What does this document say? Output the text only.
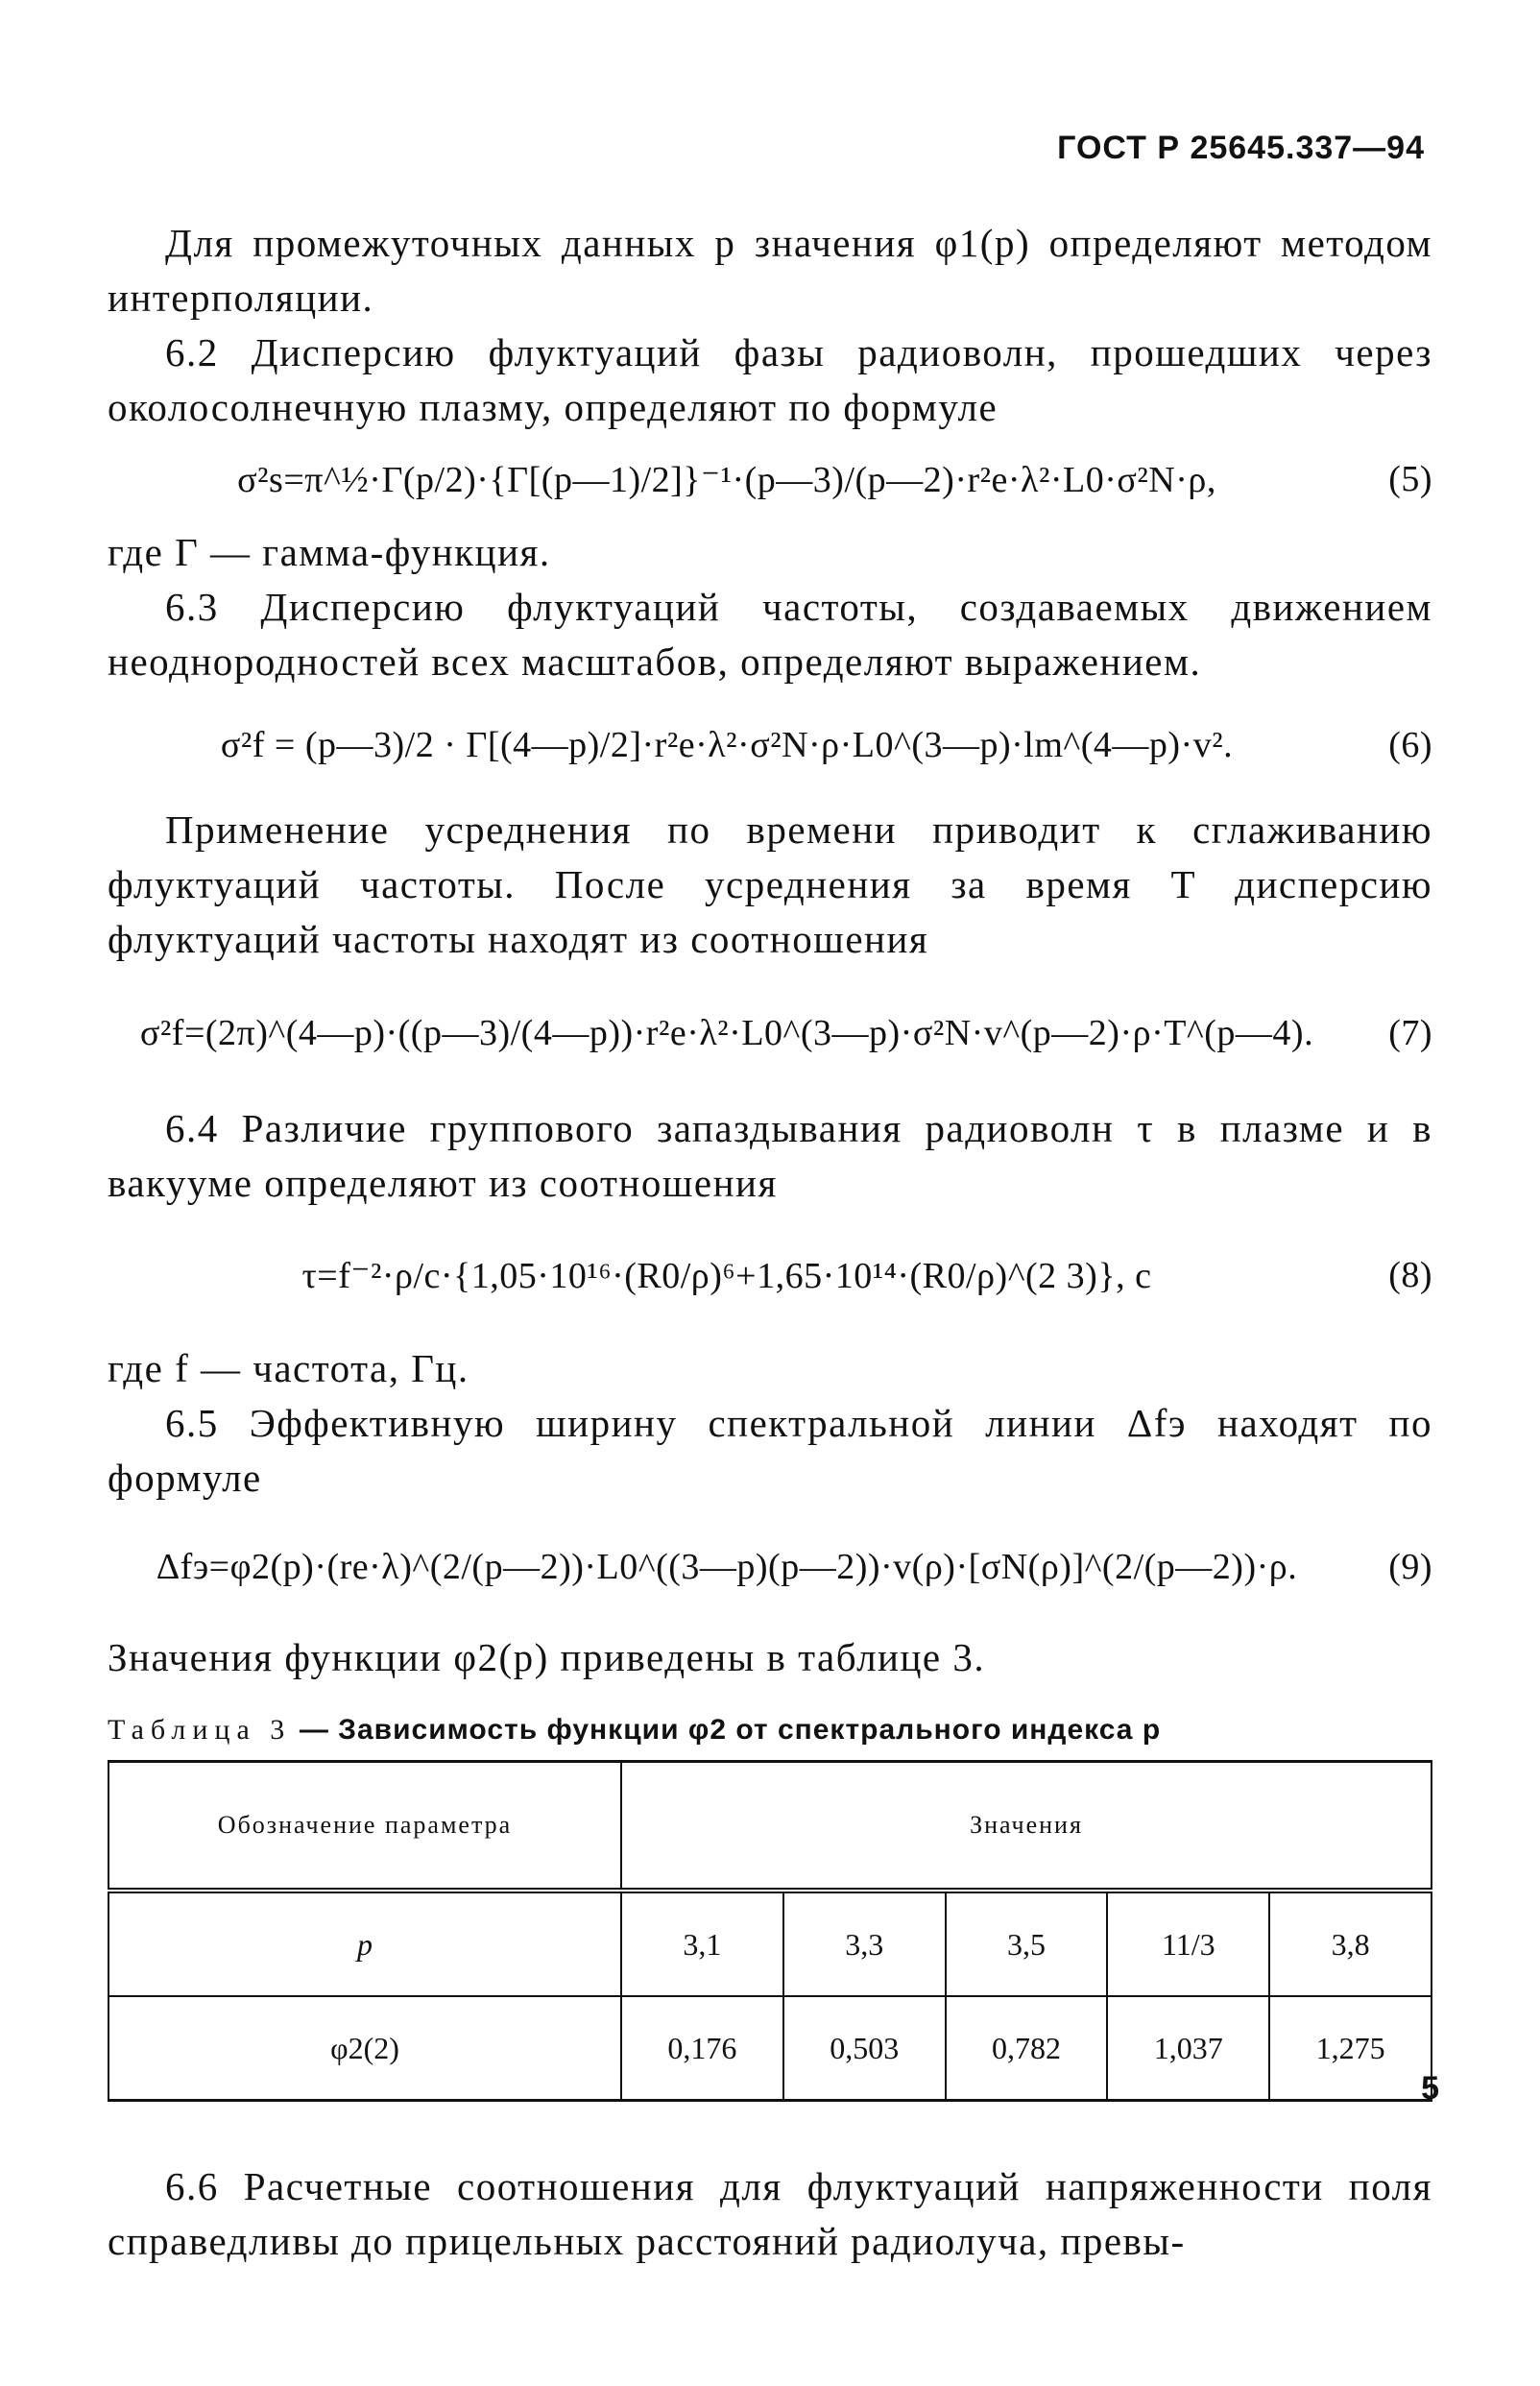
ГОСТ Р 25645.337—94

Для промежуточных данных p значения φ1(p) определяют методом интерполяции.

6.2 Дисперсию флуктуаций фазы радиоволн, прошедших через околосолнечную плазму, определяют по формуле

σ²s=π^½·Γ(p/2)·{Γ[(p—1)/2]}⁻¹·(p—3)/(p—2)·r²e·λ²·L0·σ²N·ρ,	(5)

где Γ — гамма-функция.

6.3 Дисперсию флуктуаций частоты, создаваемых движением неоднородностей всех масштабов, определяют выражением.

σ²f = (p—3)/2 · Γ[(4—p)/2]·r²e·λ²·σ²N·ρ·L0^(3—p)·lm^(4—p)·v².	(6)

Применение усреднения по времени приводит к сглаживанию флуктуаций частоты. После усреднения за время T дисперсию флуктуаций частоты находят из соотношения

σ²f=(2π)^(4—p)·((p—3)/(4—p))·r²e·λ²·L0^(3—p)·σ²N·v^(p—2)·ρ·T^(p—4).	(7)

6.4 Различие группового запаздывания радиоволн τ в плазме и в вакууме определяют из соотношения

τ=f⁻²·ρ/c·{1,05·10¹⁶·(R0/ρ)⁶+1,65·10¹⁴·(R0/ρ)^(2 3)}, с	(8)

где f — частота, Гц.

6.5 Эффективную ширину спектральной линии Δfэ находят по формуле

Δfэ=φ2(p)·(re·λ)^(2/(p—2))·L0^((3—p)(p—2))·v(ρ)·[σN(ρ)]^(2/(p—2))·ρ.	(9)

Значения функции φ2(p) приведены в таблице 3.

Таблица 3 — Зависимость функции φ2 от спектрального индекса p
Обозначение параметра	Значения				
p	3,1	3,3	3,5	11/3	3,8
φ2(2)	0,176	0,503	0,782	1,037	1,275

6.6 Расчетные соотношения для флуктуаций напряженности поля справедливы до прицельных расстояний радиолуча, превы-

5
